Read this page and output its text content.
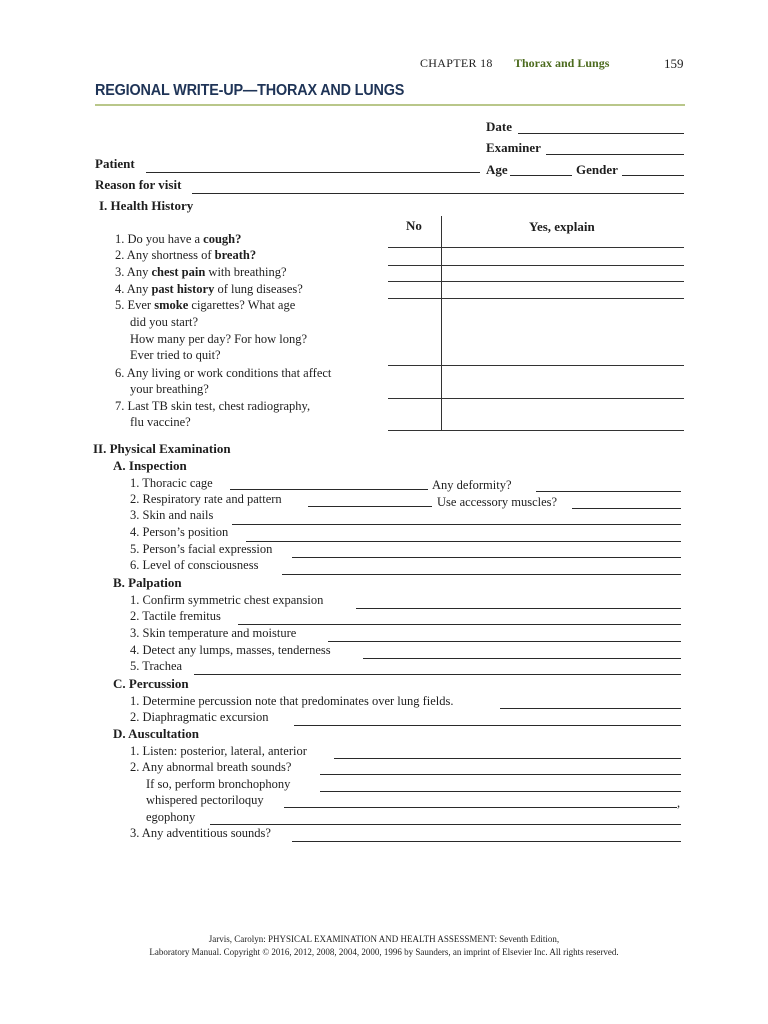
CHAPTER 18 Thorax and Lungs	159
REGIONAL WRITE-UP—THORAX AND LUNGS
Date
Examiner
Patient	Age	Gender
Reason for visit
I. Health History
No	Yes, explain
1. Do you have a cough?
2. Any shortness of breath?
3. Any chest pain with breathing?
4. Any past history of lung diseases?
5. Ever smoke cigarettes? What age
did you start?
How many per day? For how long?
Ever tried to quit?
6. Any living or work conditions that affect
your breathing?
7. Last TB skin test, chest radiography,
flu vaccine?
II. Physical Examination
A. Inspection
1. Thoracic cage	Any deformity?
2. Respiratory rate and pattern	Use accessory muscles?
3. Skin and nails
4. Person’s position
5. Person’s facial expression
6. Level of consciousness
B. Palpation
1. Confirm symmetric chest expansion
2. Tactile fremitus
3. Skin temperature and moisture
4. Detect any lumps, masses, tenderness
5. Trachea
C. Percussion
1. Determine percussion note that predominates over lung fields.
2. Diaphragmatic excursion
D. Auscultation
1. Listen: posterior, lateral, anterior
2. Any abnormal breath sounds?
If so, perform bronchophony
whispered pectoriloquy	,
egophony
3. Any adventitious sounds?
Jarvis, Carolyn: PHYSICAL EXAMINATION AND HEALTH ASSESSMENT: Seventh Edition,
Laboratory Manual. Copyright © 2016, 2012, 2008, 2004, 2000, 1996 by Saunders, an imprint of Elsevier Inc. All rights reserved.
